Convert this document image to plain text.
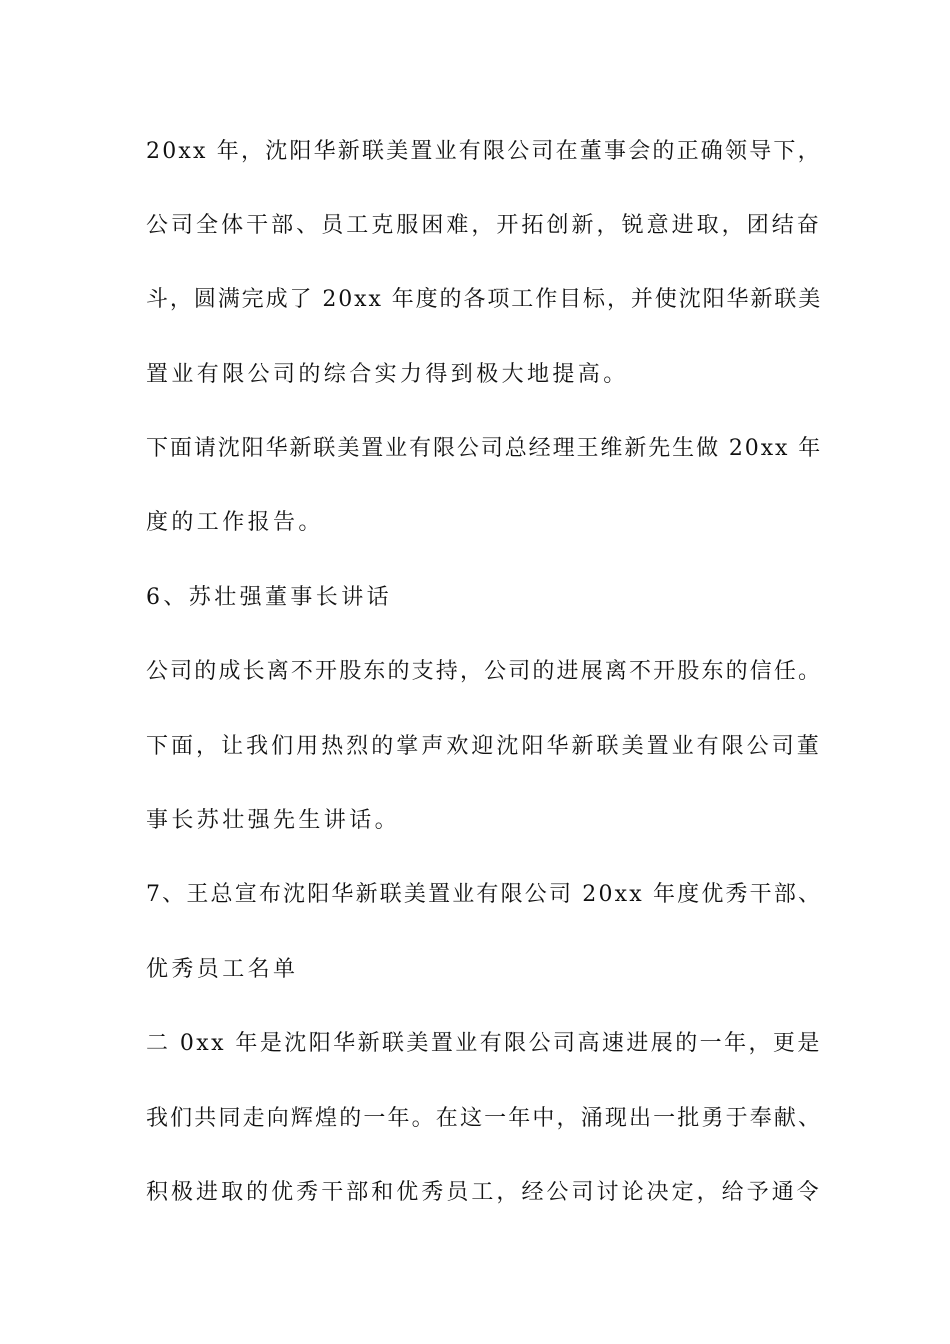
20xx 年，沈阳华新联美置业有限公司在董事会的正确领导下，
公司全体干部、员工克服困难，开拓创新，锐意进取，团结奋
斗，圆满完成了 20xx 年度的各项工作目标，并使沈阳华新联美
置业有限公司的综合实力得到极大地提高。
下面请沈阳华新联美置业有限公司总经理王维新先生做 20xx 年
度的工作报告。
6、苏壮强董事长讲话
公司的成长离不开股东的支持，公司的进展离不开股东的信任。
下面，让我们用热烈的掌声欢迎沈阳华新联美置业有限公司董
事长苏壮强先生讲话。
7、王总宣布沈阳华新联美置业有限公司 20xx 年度优秀干部、
优秀员工名单
二 0xx 年是沈阳华新联美置业有限公司高速进展的一年，更是
我们共同走向辉煌的一年。在这一年中，涌现出一批勇于奉献、
积极进取的优秀干部和优秀员工，经公司讨论决定，给予通令
